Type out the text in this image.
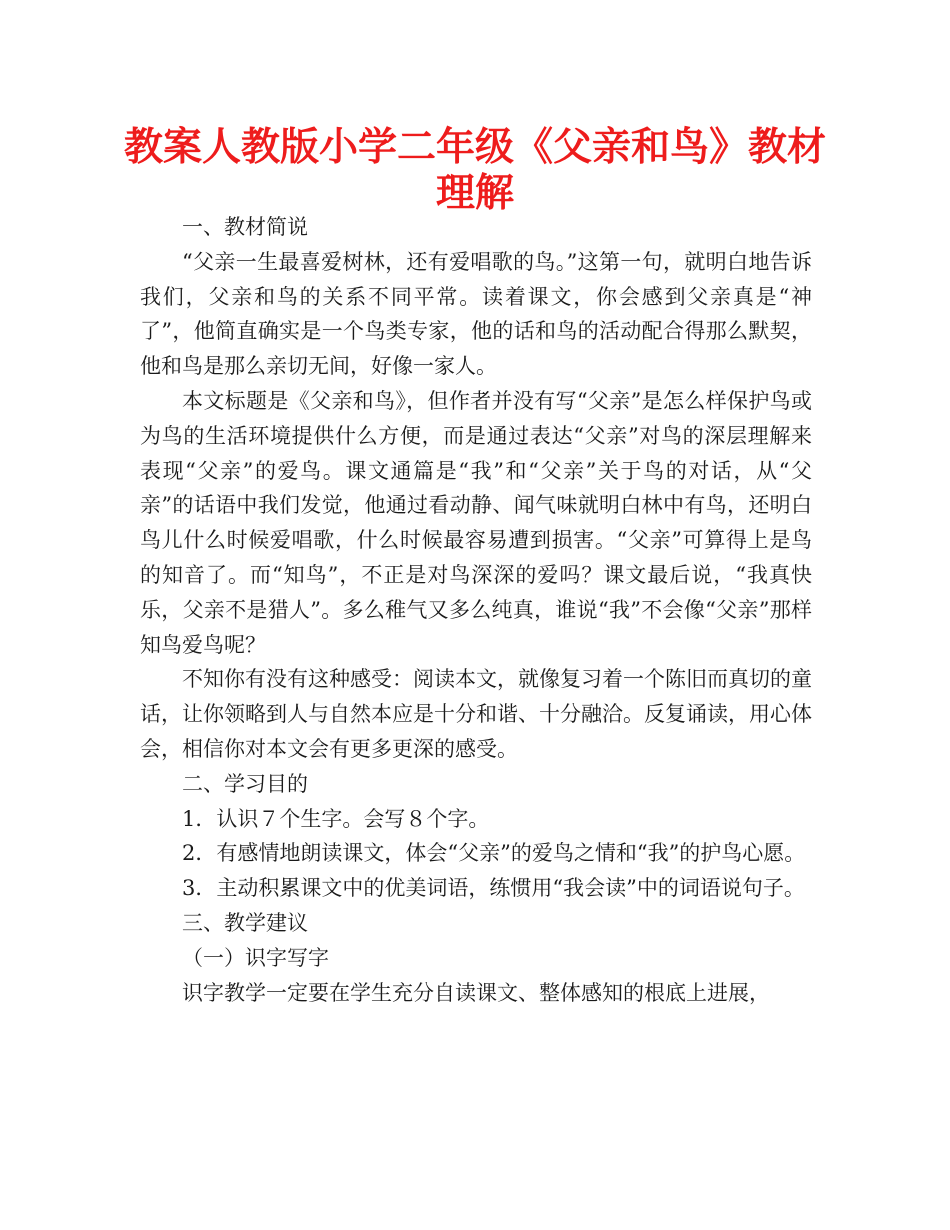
教案人教版小学二年级《父亲和鸟》教材
理解

一、教材简说

“父亲一生最喜爱树林，还有爱唱歌的鸟。”这第一句，就明白地告诉我们，父亲和鸟的关系不同平常。读着课文，你会感到父亲真是“神了”，他简直确实是一个鸟类专家，他的话和鸟的活动配合得那么默契，他和鸟是那么亲切无间，好像一家人。

本文标题是《父亲和鸟》，但作者并没有写“父亲”是怎么样保护鸟或为鸟的生活环境提供什么方便，而是通过表达“父亲”对鸟的深层理解来表现“父亲”的爱鸟。课文通篇是“我”和“父亲”关于鸟的对话，从“父亲”的话语中我们发觉，他通过看动静、闻气味就明白林中有鸟，还明白鸟儿什么时候爱唱歌，什么时候最容易遭到损害。“父亲”可算得上是鸟的知音了。而“知鸟”，不正是对鸟深深的爱吗？课文最后说，“我真快乐，父亲不是猎人”。多么稚气又多么纯真，谁说“我”不会像“父亲”那样知鸟爱鸟呢？

不知你有没有这种感受：阅读本文，就像复习着一个陈旧而真切的童话，让你领略到人与自然本应是十分和谐、十分融洽。反复诵读，用心体会，相信你对本文会有更多更深的感受。

二、学习目的

1．认识７个生字。会写８个字。

2．有感情地朗读课文，体会“父亲”的爱鸟之情和“我”的护鸟心愿。

3．主动积累课文中的优美词语，练惯用“我会读”中的词语说句子。

三、教学建议

（一）识字写字

识字教学一定要在学生充分自读课文、整体感知的根底上进展，
